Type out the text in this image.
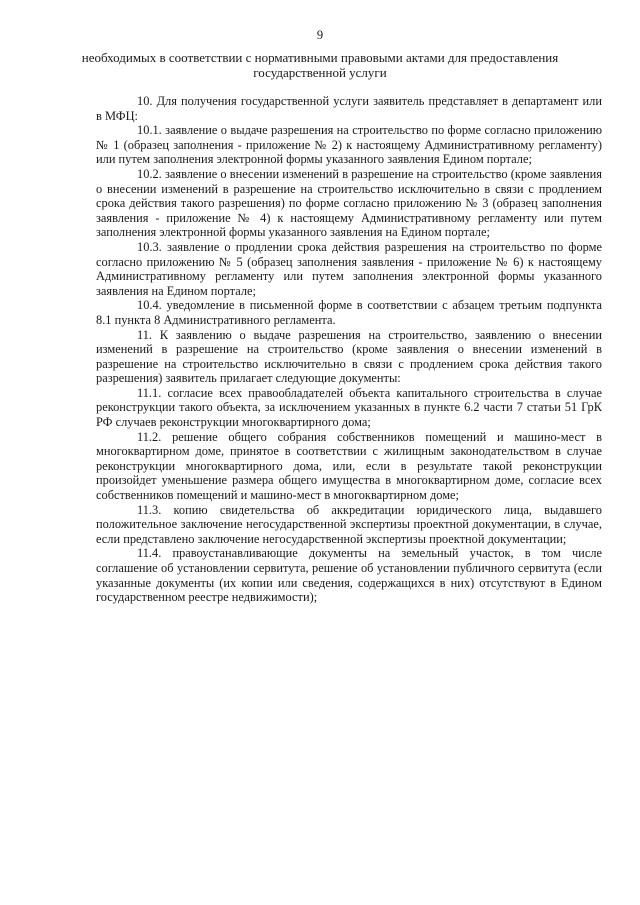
9
необходимых в соответствии с нормативными правовыми актами для предоставления государственной услуги

10. Для получения государственной услуги заявитель представляет в департамент или в МФЦ:

10.1. заявление о выдаче разрешения на строительство по форме согласно приложению № 1 (образец заполнения - приложение № 2) к настоящему Административному регламенту) или путем заполнения электронной формы указанного заявления Едином портале;

10.2. заявление о внесении изменений в разрешение на строительство (кроме заявления о внесении изменений в разрешение на строительство исключительно в связи с продлением срока действия такого разрешения) по форме согласно приложению № 3 (образец заполнения заявления - приложение № 4) к настоящему Административному регламенту или путем заполнения электронной формы указанного заявления на Едином портале;

10.3. заявление о продлении срока действия разрешения на строительство по форме согласно приложению № 5 (образец заполнения заявления - приложение № 6) к настоящему Административному регламенту или путем заполнения электронной формы указанного заявления на Едином портале;

10.4. уведомление в письменной форме в соответствии с абзацем третьим подпункта 8.1 пункта 8 Административного регламента.

11. К заявлению о выдаче разрешения на строительство, заявлению о внесении изменений в разрешение на строительство (кроме заявления о внесении изменений в разрешение на строительство исключительно в связи с продлением срока действия такого разрешения) заявитель прилагает следующие документы:

11.1. согласие всех правообладателей объекта капитального строительства в случае реконструкции такого объекта, за исключением указанных в пункте 6.2 части 7 статьи 51 ГрК РФ случаев реконструкции многоквартирного дома;

11.2. решение общего собрания собственников помещений и машино-мест в многоквартирном доме, принятое в соответствии с жилищным законодательством в случае реконструкции многоквартирного дома, или, если в результате такой реконструкции произойдет уменьшение размера общего имущества в многоквартирном доме, согласие всех собственников помещений и машино-мест в многоквартирном доме;

11.3. копию свидетельства об аккредитации юридического лица, выдавшего положительное заключение негосударственной экспертизы проектной документации, в случае, если представлено заключение негосударственной экспертизы проектной документации;

11.4. правоустанавливающие документы на земельный участок, в том числе соглашение об установлении сервитута, решение об установлении публичного сервитута (если указанные документы (их копии или сведения, содержащихся в них) отсутствуют в Едином государственном реестре недвижимости);
